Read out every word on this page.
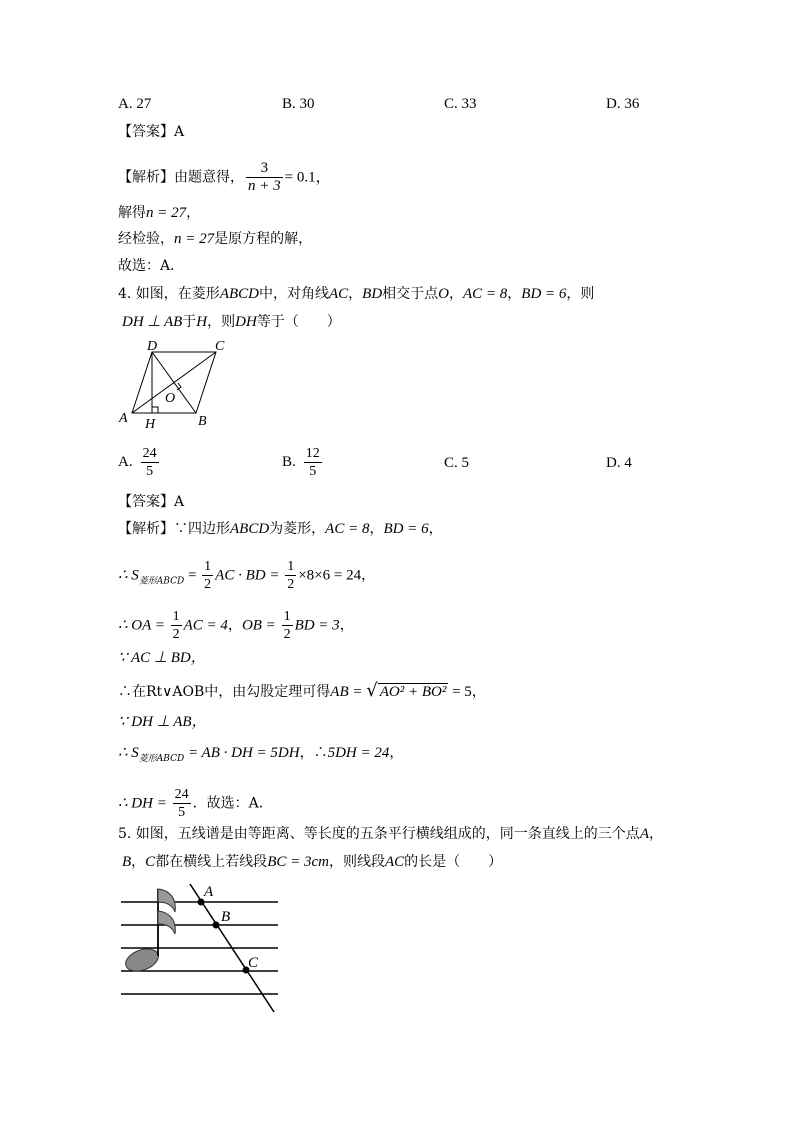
A. 27	B. 30	C. 33	D. 36
【答案】A
【解析】由题意得， $\frac{3}{n + 3} = 0.1$，
解得n = 27，
经检验，n = 27是原方程的解，
故选：A．
4. 如图，在菱形ABCD中，对角线AC，BD相交于点O，AC = 8，BD = 6，则
DH ⊥ AB于H，则DH等于（　　）
D	C
A	B
O
H
A. $\frac{24}{5}$	B. $\frac{12}{5}$	C. 5	D. 4
【答案】A
【解析】∵四边形ABCD为菱形，AC = 8，BD = 6，
∴ $S_{菱形ABCD} = \frac{1}{2}$ AC · BD = $\frac{1}{2} \times 8\times 6 = 24$，
∴ OA = $\frac{1}{2}$ AC = 4，OB = $\frac{1}{2}$ BD = 3，
∵ AC ⊥ BD，
∴在Rt∨AOB中，由勾股定理可得AB = √ AO² + BO² = 5，
∵ DH ⊥ AB，
∴ $S_{菱形ABCD}$ = AB · DH = 5DH，∴5DH = 24，
∴ DH = $\frac{24}{5}$ ．故选：A．
5. 如图，五线谱是由等距离、等长度的五条平行横线组成的，同一条直线上的三个点A，
B，C都在横线上若线段BC = 3cm，则线段AC的长是（　　）
A
B
C
